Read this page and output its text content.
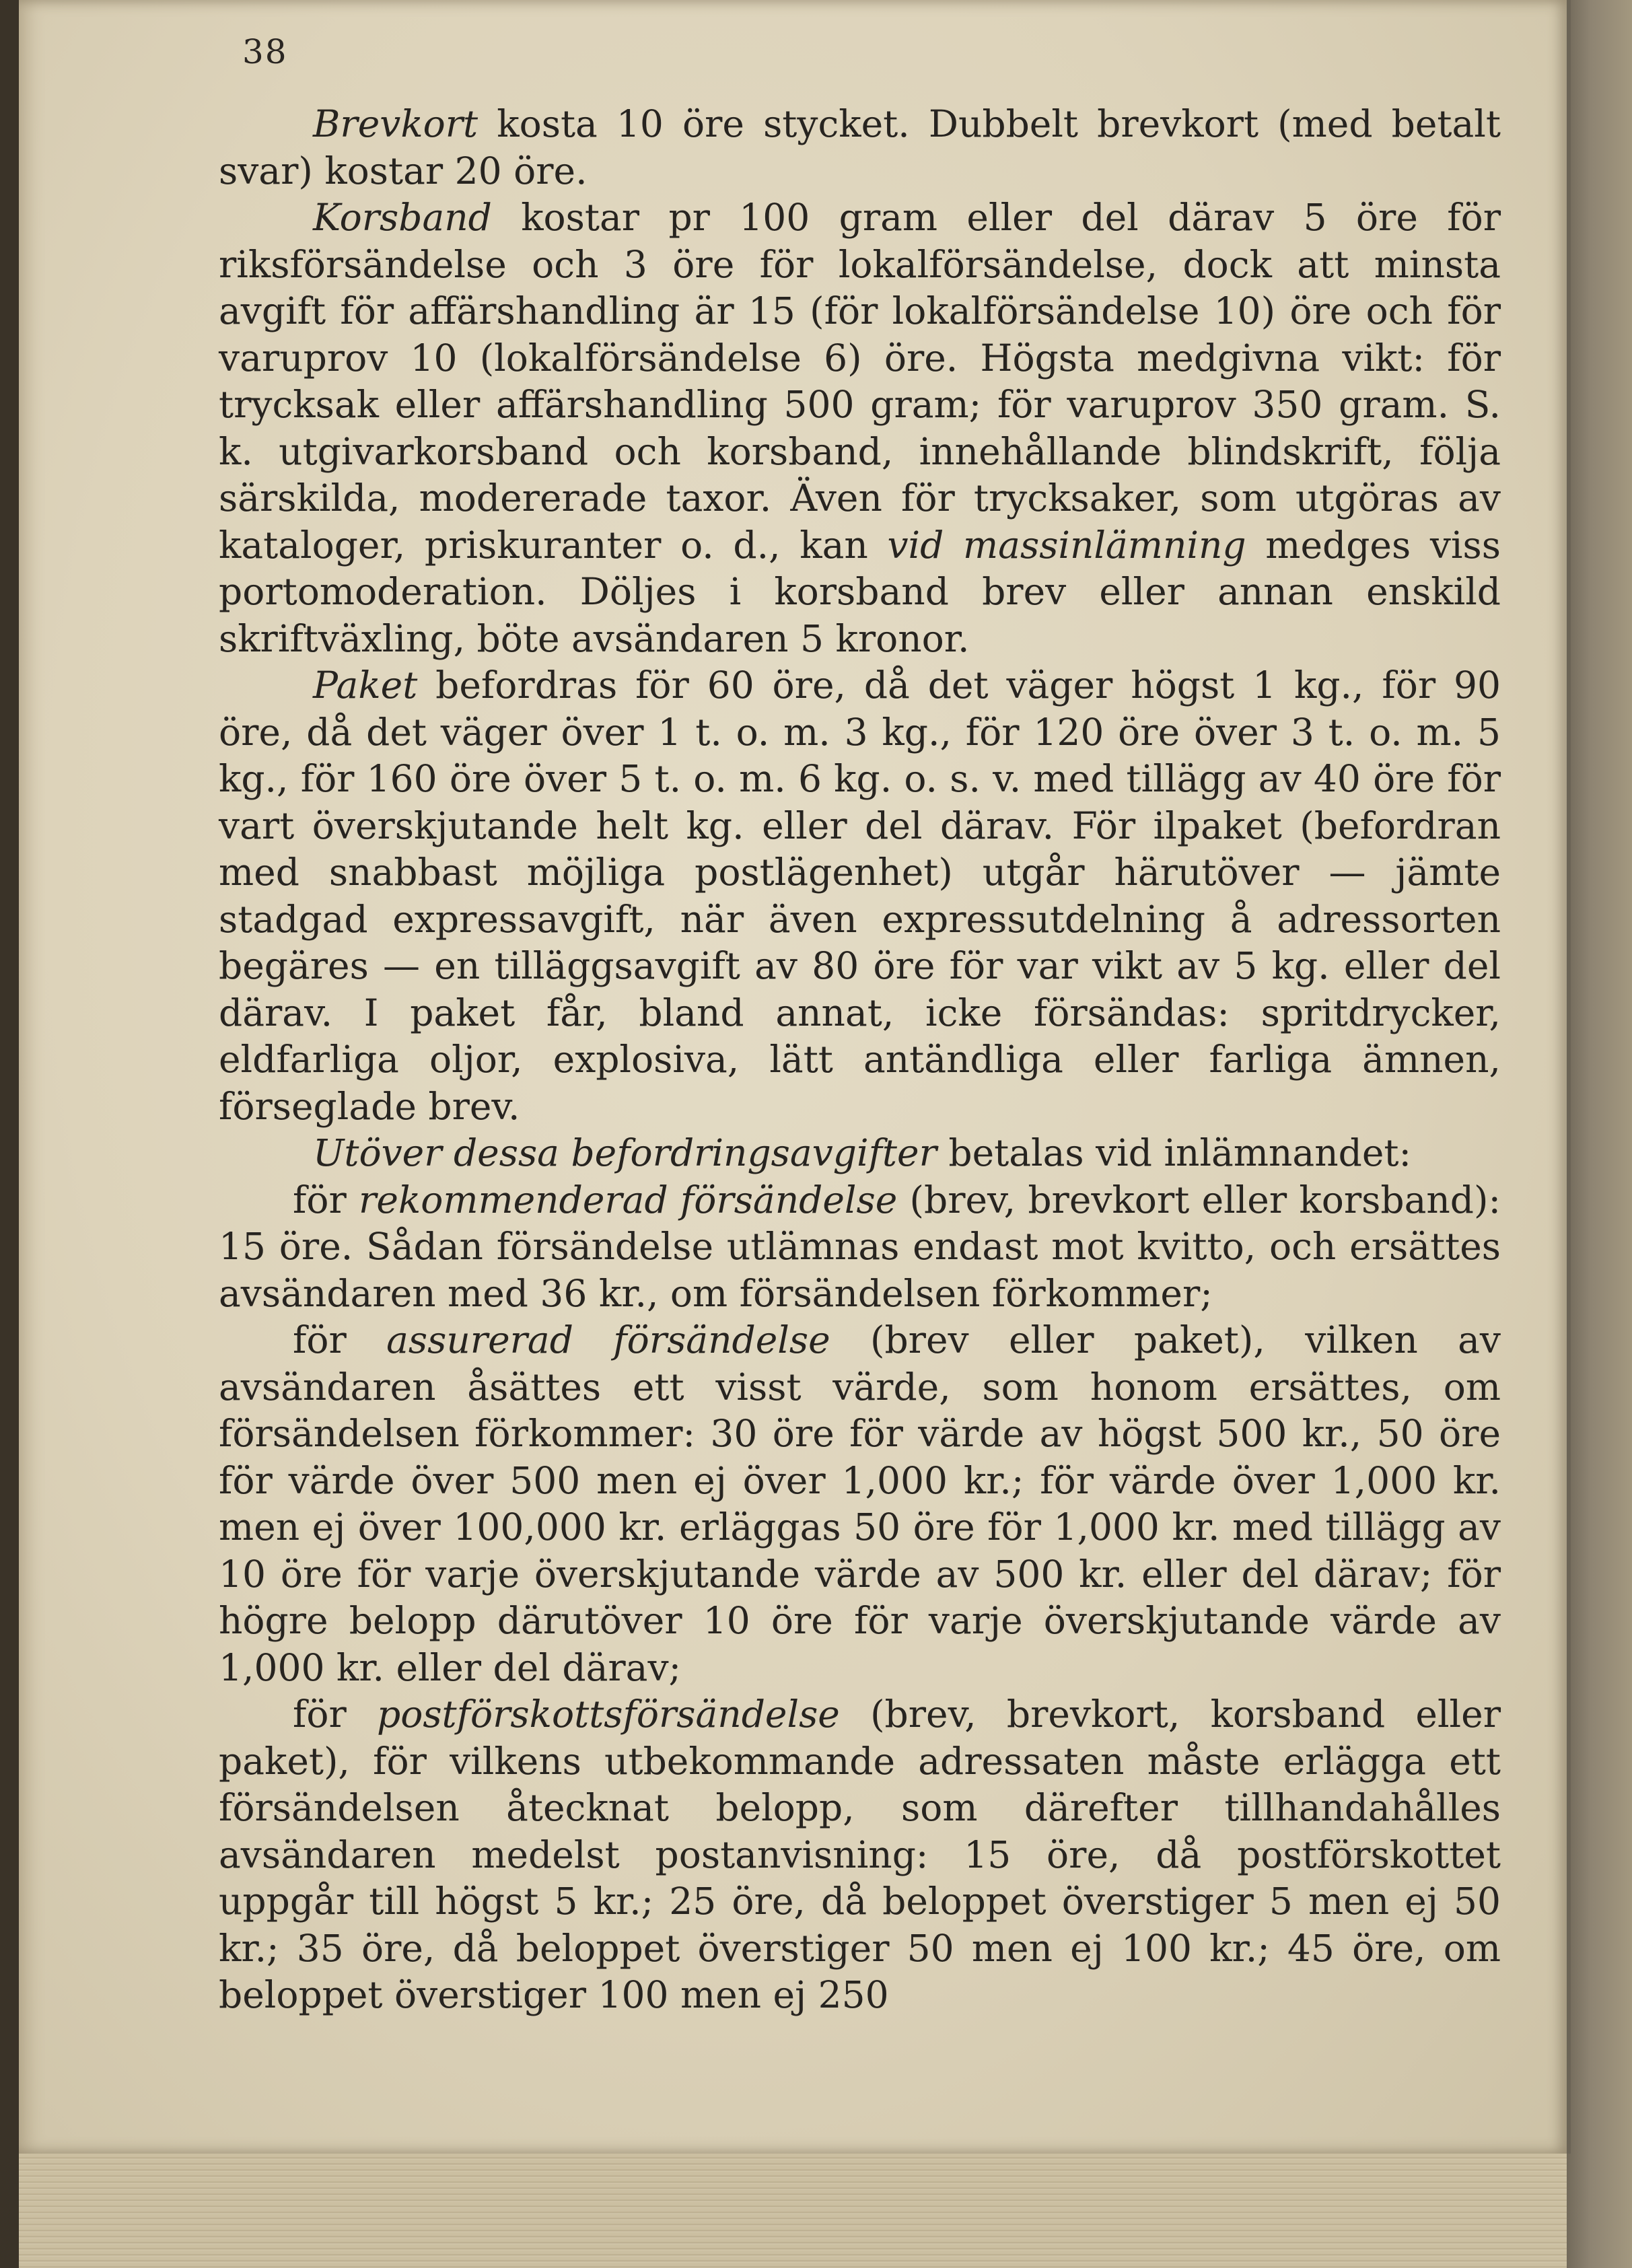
38

Brevkort kosta 10 öre stycket. Dubbelt brevkort (med betalt svar) kostar 20 öre.

Korsband kostar pr 100 gram eller del därav 5 öre för riksförsändelse och 3 öre för lokalförsändelse, dock att minsta avgift för affärshandling är 15 (för lokalförsändelse 10) öre och för varuprov 10 (lokalförsändelse 6) öre. Högsta medgivna vikt: för trycksak eller affärshandling 500 gram; för varuprov 350 gram. S. k. utgivarkorsband och korsband, innehållande blindskrift, följa särskilda, modererade taxor. Även för trycksaker, som utgöras av kataloger, priskuranter o. d., kan vid massinlämning medges viss portomoderation. Döljes i korsband brev eller annan enskild skriftväxling, böte avsändaren 5 kronor.

Paket befordras för 60 öre, då det väger högst 1 kg., för 90 öre, då det väger över 1 t. o. m. 3 kg., för 120 öre över 3 t. o. m. 5 kg., för 160 öre över 5 t. o. m. 6 kg. o. s. v. med tillägg av 40 öre för vart överskjutande helt kg. eller del därav. För ilpaket (befordran med snabbast möjliga postlägenhet) utgår härutöver — jämte stadgad expressavgift, när även expressutdelning å adressorten begäres — en tilläggsavgift av 80 öre för var vikt av 5 kg. eller del därav. I paket får, bland annat, icke försändas: spritdrycker, eldfarliga oljor, explosiva, lätt antändliga eller farliga ämnen, förseglade brev.

Utöver dessa befordringsavgifter betalas vid inlämnandet:

för rekommenderad försändelse (brev, brevkort eller korsband): 15 öre. Sådan försändelse utlämnas endast mot kvitto, och ersättes avsändaren med 36 kr., om försändelsen förkommer;

för assurerad försändelse (brev eller paket), vilken av avsändaren åsättes ett visst värde, som honom ersättes, om försändelsen förkommer: 30 öre för värde av högst 500 kr., 50 öre för värde över 500 men ej över 1,000 kr.; för värde över 1,000 kr. men ej över 100,000 kr. erläggas 50 öre för 1,000 kr. med tillägg av 10 öre för varje överskjutande värde av 500 kr. eller del därav; för högre belopp därutöver 10 öre för varje överskjutande värde av 1,000 kr. eller del därav;

för postförskottsförsändelse (brev, brevkort, korsband eller paket), för vilkens utbekommande adressaten måste erlägga ett försändelsen åtecknat belopp, som därefter tillhandahålles avsändaren medelst postanvisning: 15 öre, då postförskottet uppgår till högst 5 kr.; 25 öre, då beloppet överstiger 5 men ej 50 kr.; 35 öre, då beloppet överstiger 50 men ej 100 kr.; 45 öre, om beloppet överstiger 100 men ej 250
